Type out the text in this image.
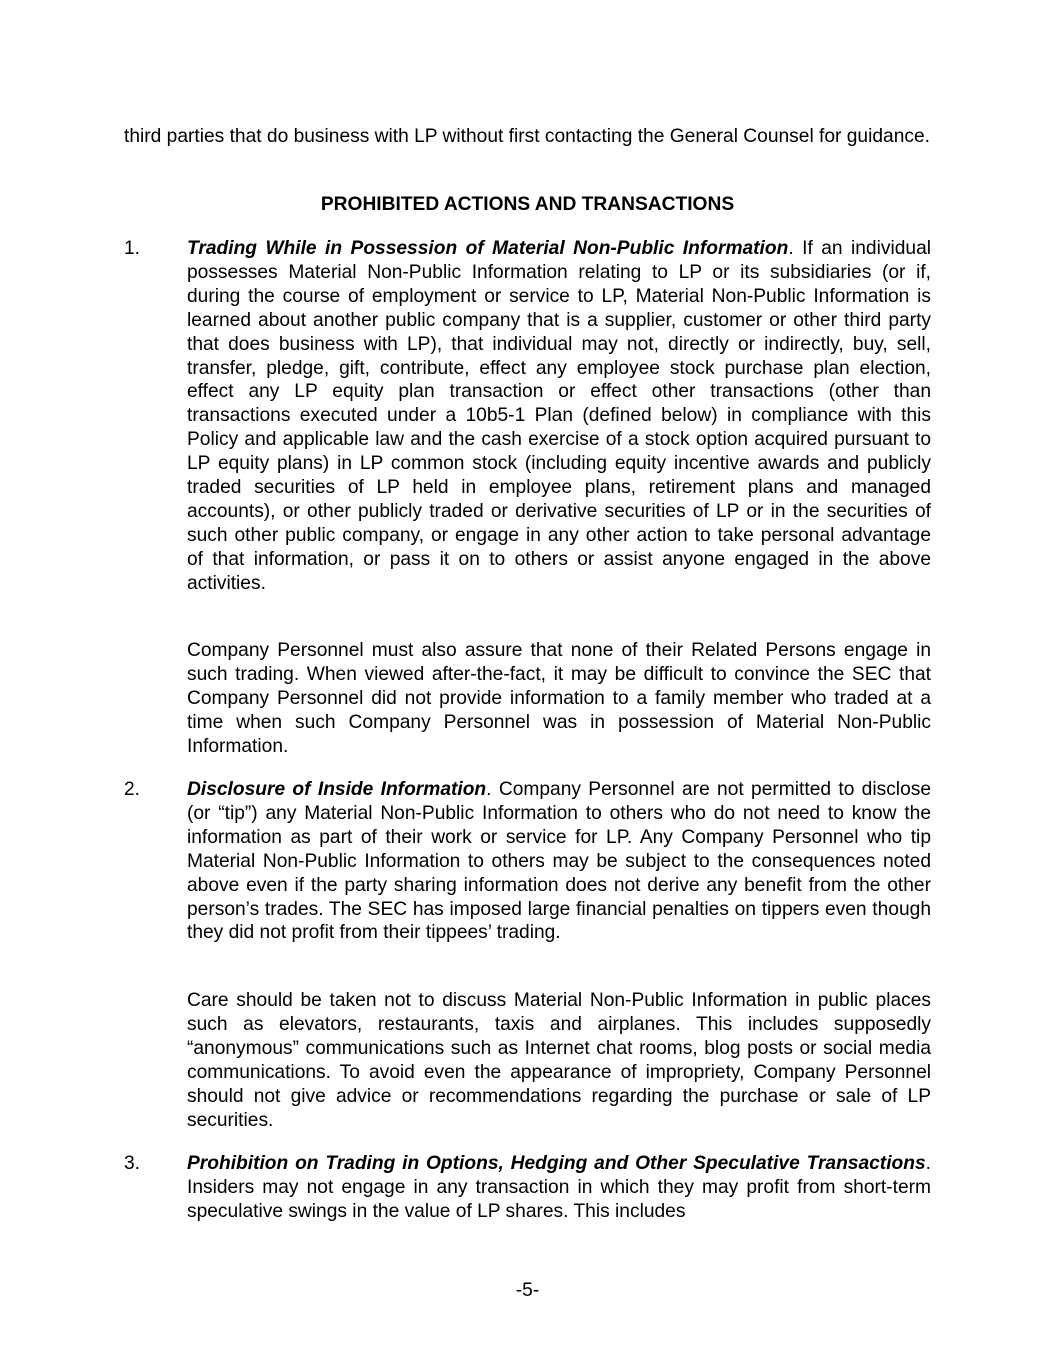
third parties that do business with LP without first contacting the General Counsel for guidance.

PROHIBITED ACTIONS AND TRANSACTIONS
1.	Trading While in Possession of Material Non-Public Information. If an individual possesses Material Non-Public Information relating to LP or its subsidiaries (or if, during the course of employment or service to LP, Material Non-Public Information is learned about another public company that is a supplier, customer or other third party that does business with LP), that individual may not, directly or indirectly, buy, sell, transfer, pledge, gift, contribute, effect any employee stock purchase plan election, effect any LP equity plan transaction or effect other transactions (other than transactions executed under a 10b5-1 Plan (defined below) in compliance with this Policy and applicable law and the cash exercise of a stock option acquired pursuant to LP equity plans) in LP common stock (including equity incentive awards and publicly traded securities of LP held in employee plans, retirement plans and managed accounts), or other publicly traded or derivative securities of LP or in the securities of such other public company, or engage in any other action to take personal advantage of that information, or pass it on to others or assist anyone engaged in the above activities.

Company Personnel must also assure that none of their Related Persons engage in such trading. When viewed after-the-fact, it may be difficult to convince the SEC that Company Personnel did not provide information to a family member who traded at a time when such Company Personnel was in possession of Material Non-Public Information.

2.	Disclosure of Inside Information. Company Personnel are not permitted to disclose (or “tip”) any Material Non-Public Information to others who do not need to know the information as part of their work or service for LP. Any Company Personnel who tip Material Non-Public Information to others may be subject to the consequences noted above even if the party sharing information does not derive any benefit from the other person’s trades. The SEC has imposed large financial penalties on tippers even though they did not profit from their tippees’ trading.

Care should be taken not to discuss Material Non-Public Information in public places such as elevators, restaurants, taxis and airplanes. This includes supposedly “anonymous” communications such as Internet chat rooms, blog posts or social media communications. To avoid even the appearance of impropriety, Company Personnel should not give advice or recommendations regarding the purchase or sale of LP securities.

3.	Prohibition on Trading in Options, Hedging and Other Speculative Transactions. Insiders may not engage in any transaction in which they may profit from short-term speculative swings in the value of LP shares. This includes

-5-
